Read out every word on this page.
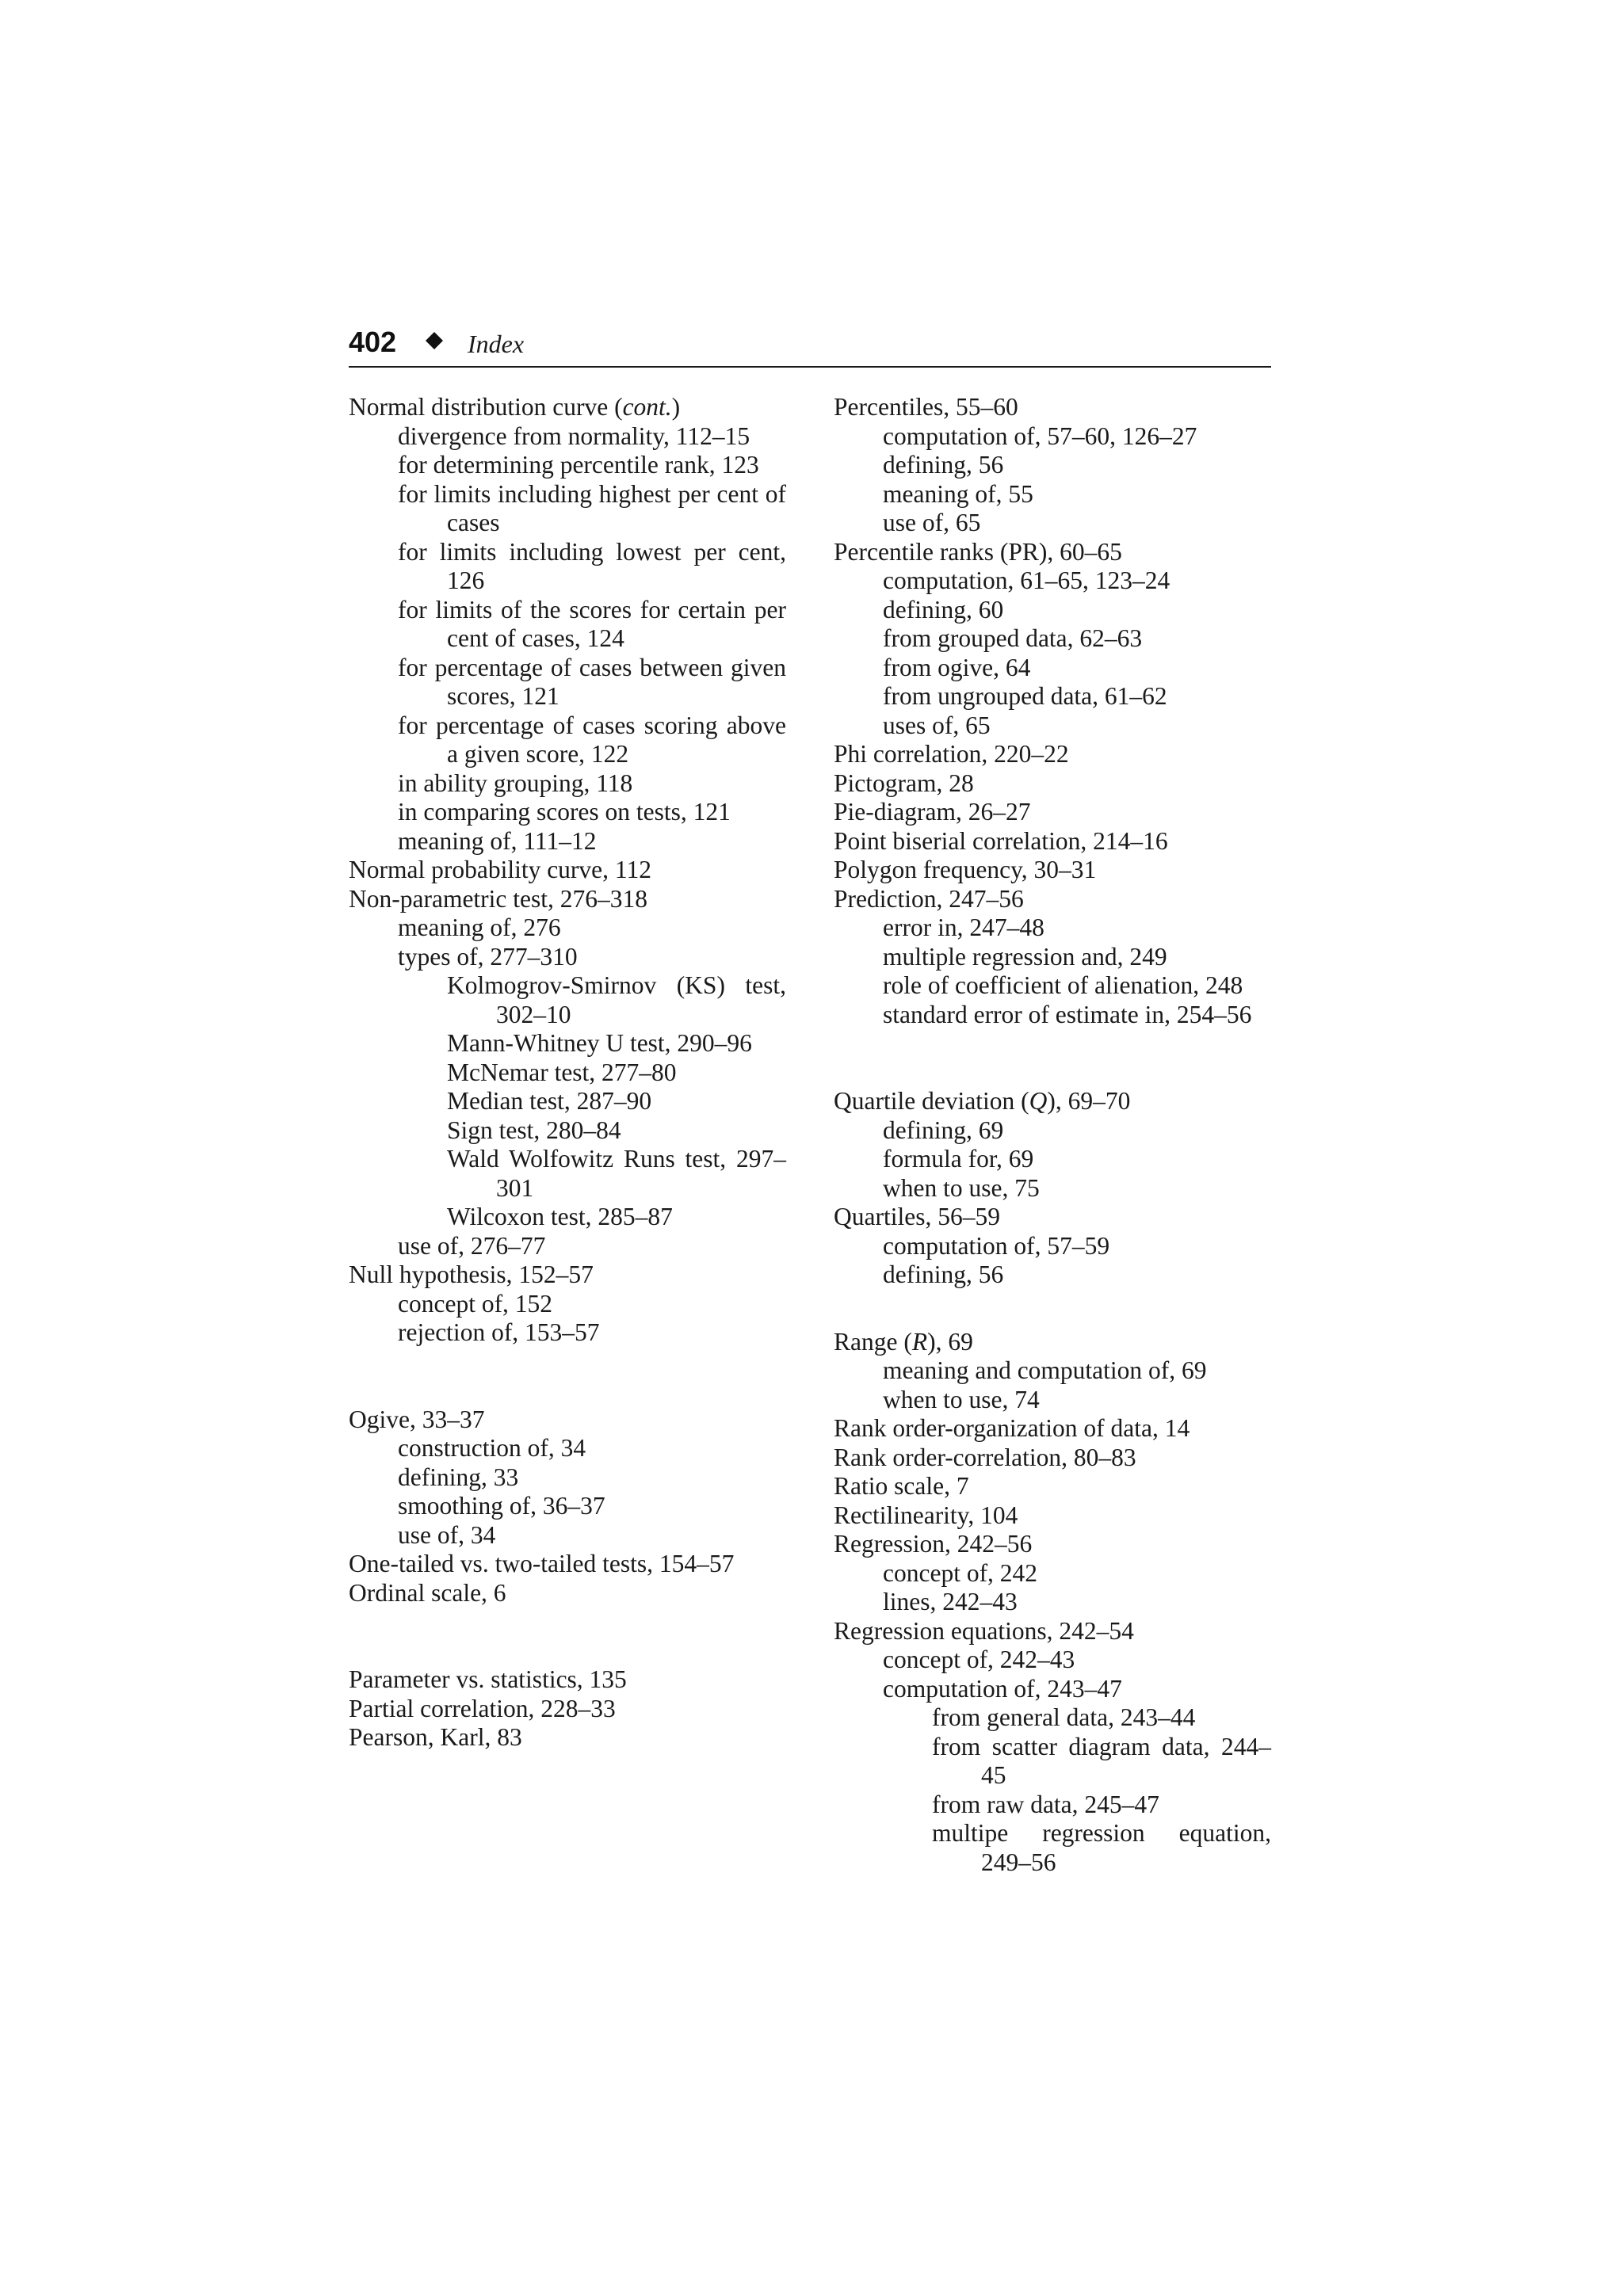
402	Index
Normal distribution curve (cont.)
divergence from normality, 112–15
for determining percentile rank, 123
for limits including highest per cent of cases
for limits including lowest per cent, 126
for limits of the scores for certain per cent of cases, 124
for percentage of cases between given scores, 121
for percentage of cases scoring above a given score, 122
in ability grouping, 118
in comparing scores on tests, 121
meaning of, 111–12
Normal probability curve, 112
Non-parametric test, 276–318
meaning of, 276
types of, 277–310
Kolmogrov-Smirnov (KS) test, 302–10
Mann-Whitney U test, 290–96
McNemar test, 277–80
Median test, 287–90
Sign test, 280–84
Wald Wolfowitz Runs test, 297–301
Wilcoxon test, 285–87
use of, 276–77
Null hypothesis, 152–57
concept of, 152
rejection of, 153–57
Ogive, 33–37
construction of, 34
defining, 33
smoothing of, 36–37
use of, 34
One-tailed vs. two-tailed tests, 154–57
Ordinal scale, 6
Parameter vs. statistics, 135
Partial correlation, 228–33
Pearson, Karl, 83
Percentiles, 55–60
computation of, 57–60, 126–27
defining, 56
meaning of, 55
use of, 65
Percentile ranks (PR), 60–65
computation, 61–65, 123–24
defining, 60
from grouped data, 62–63
from ogive, 64
from ungrouped data, 61–62
uses of, 65
Phi correlation, 220–22
Pictogram, 28
Pie-diagram, 26–27
Point biserial correlation, 214–16
Polygon frequency, 30–31
Prediction, 247–56
error in, 247–48
multiple regression and, 249
role of coefficient of alienation, 248
standard error of estimate in, 254–56
Quartile deviation (Q), 69–70
defining, 69
formula for, 69
when to use, 75
Quartiles, 56–59
computation of, 57–59
defining, 56
Range (R), 69
meaning and computation of, 69
when to use, 74
Rank order-organization of data, 14
Rank order-correlation, 80–83
Ratio scale, 7
Rectilinearity, 104
Regression, 242–56
concept of, 242
lines, 242–43
Regression equations, 242–54
concept of, 242–43
computation of, 243–47
from general data, 243–44
from scatter diagram data, 244–45
from raw data, 245–47
multipe regression equation, 249–56
